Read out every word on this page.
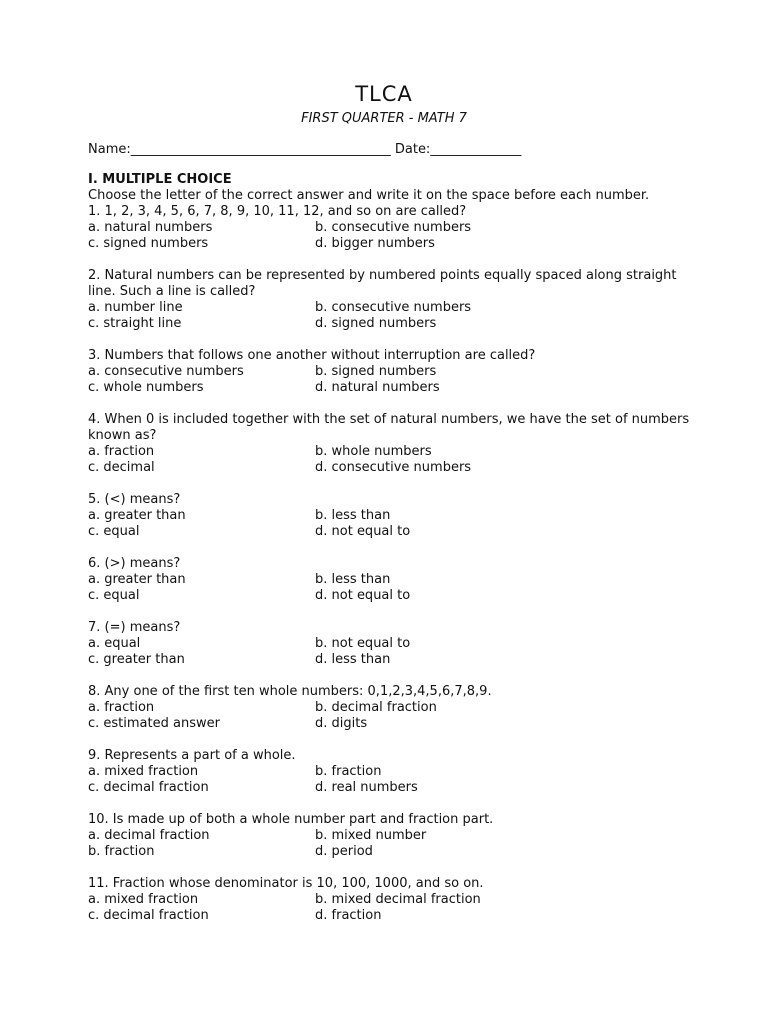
TLCA
FIRST QUARTER - MATH 7
Name:________________________________________ Date:______________
I. MULTIPLE CHOICE
Choose the letter of the correct answer and write it on the space before each number.
1. 1, 2, 3, 4, 5, 6, 7, 8, 9, 10, 11, 12, and so on are called?
a. natural numbers	b. consecutive numbers
c. signed numbers	d. bigger numbers
2. Natural numbers can be represented by numbered points equally spaced along straight line. Such a line is called?
a. number line	b. consecutive numbers
c. straight line	d. signed numbers
3. Numbers that follows one another without interruption are called?
a. consecutive numbers	b. signed numbers
c. whole numbers	d. natural numbers
4. When 0 is included together with the set of natural numbers, we have the set of numbers known as?
a. fraction	b. whole numbers
c. decimal	d. consecutive numbers
5. (<) means?
a. greater than	b. less than
c. equal	d. not equal to
6. (>) means?
a. greater than	b. less than
c. equal	d. not equal to
7. (=) means?
a. equal	b. not equal to
c. greater than	d. less than
8. Any one of the first ten whole numbers: 0,1,2,3,4,5,6,7,8,9.
a. fraction	b. decimal fraction
c. estimated answer	d. digits
9. Represents a part of a whole.
a. mixed fraction	b. fraction
c. decimal fraction	d. real numbers
10. Is made up of both a whole number part and fraction part.
a. decimal fraction	b. mixed number
b. fraction	d. period
11. Fraction whose denominator is 10, 100, 1000, and so on.
a. mixed fraction	b. mixed decimal fraction
c. decimal fraction	d. fraction
